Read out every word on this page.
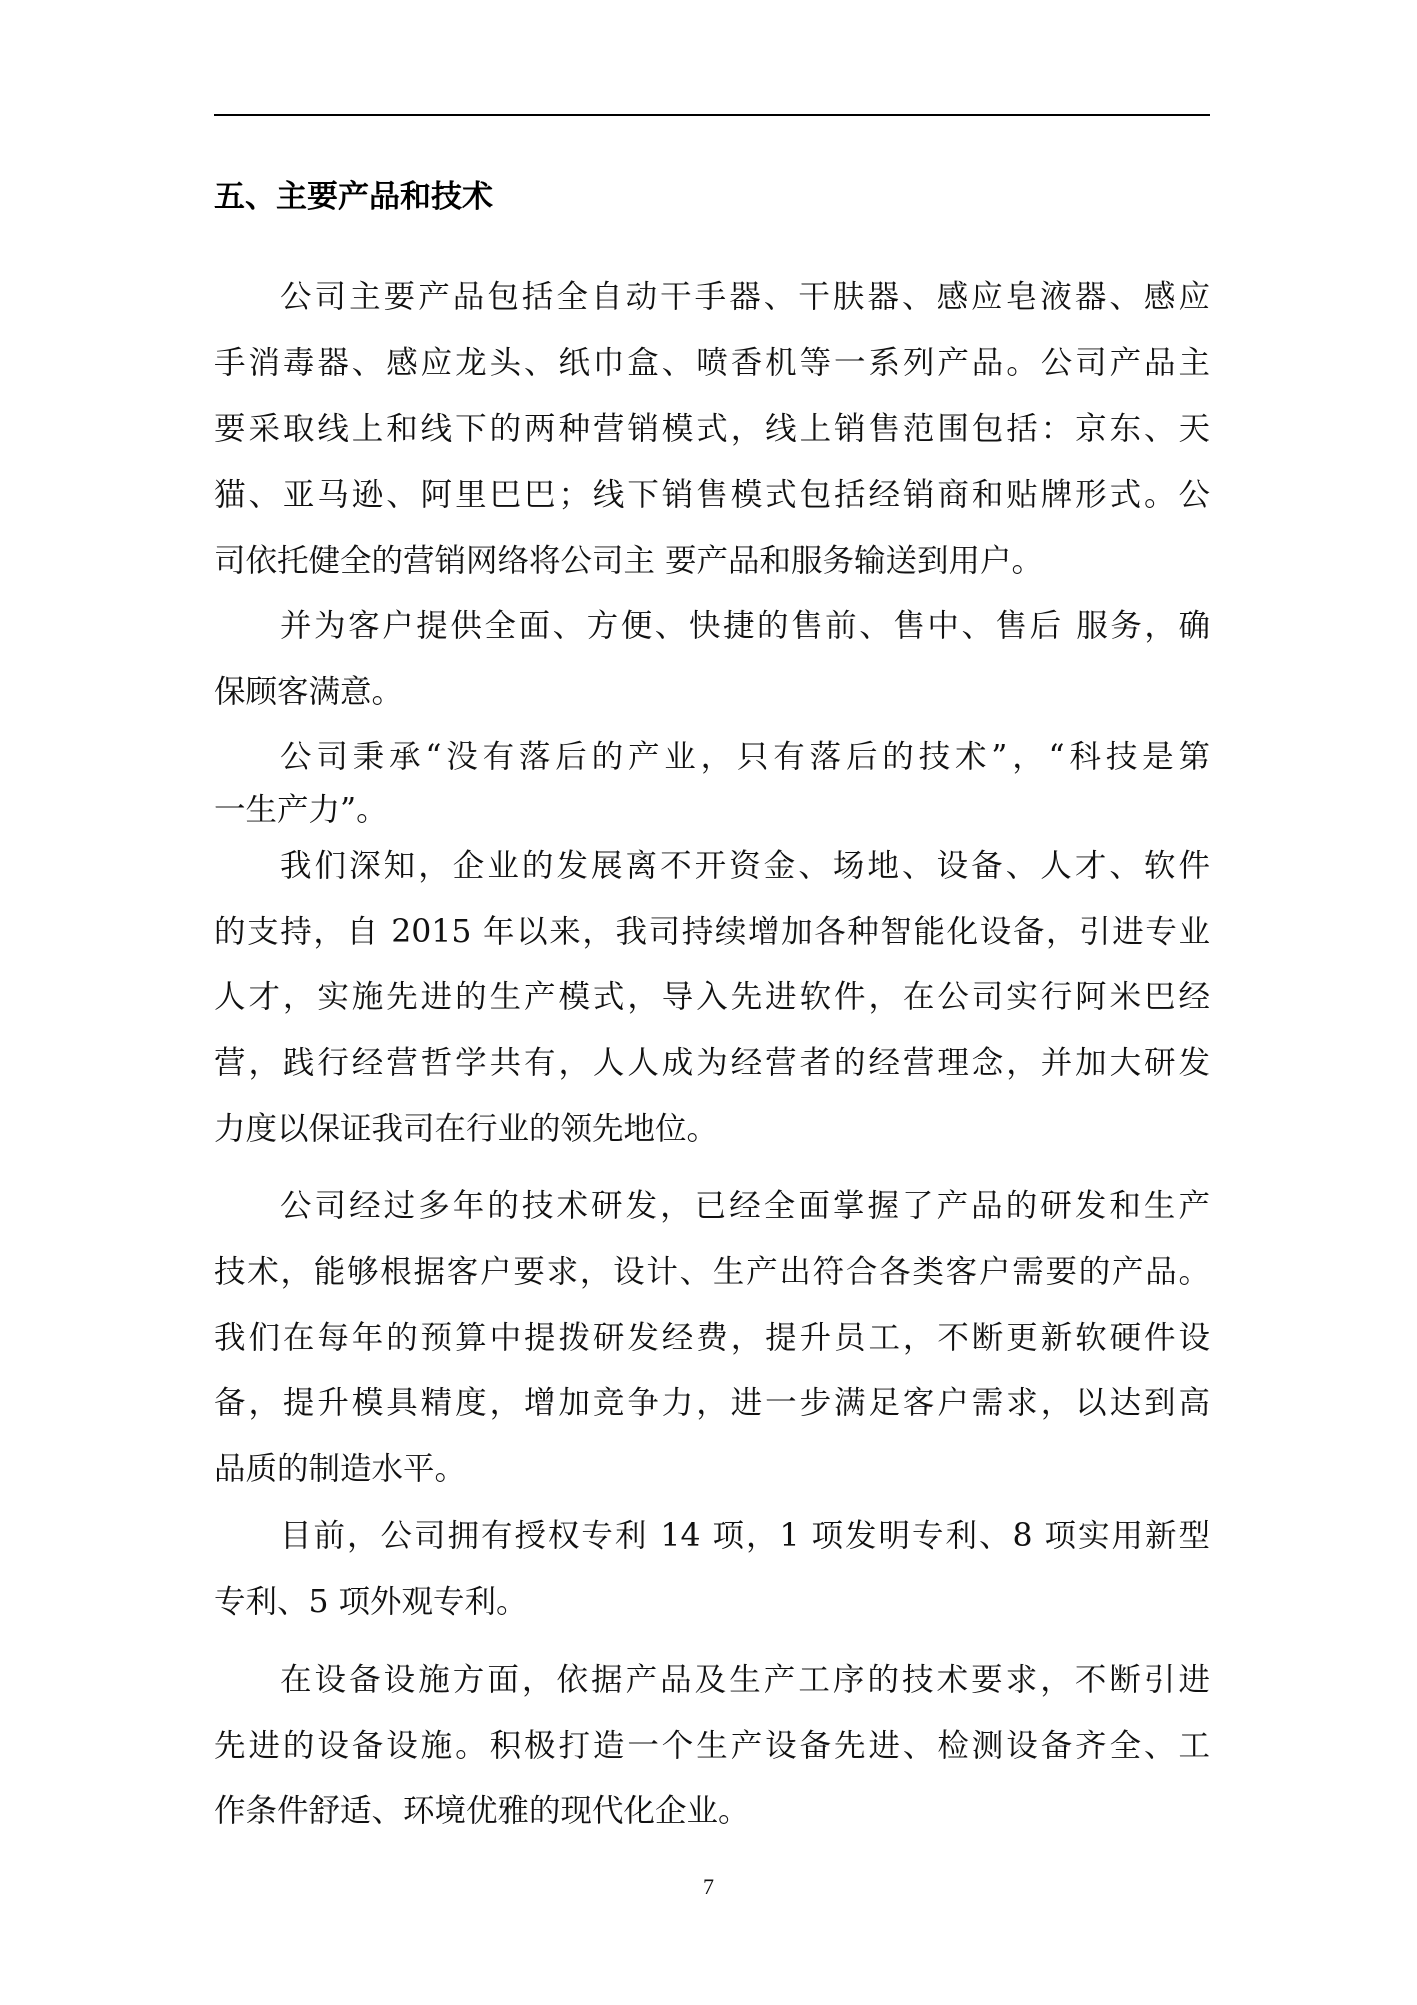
五、主要产品和技术
公司主要产品包括全自动干手器、干肤器、感应皂液器、感应
手消毒器、感应龙头、纸巾盒、喷香机等一系列产品。公司产品主
要采取线上和线下的两种营销模式，线上销售范围包括：京东、天
猫、亚马逊、阿里巴巴；线下销售模式包括经销商和贴牌形式。公
司依托健全的营销网络将公司主 要产品和服务输送到用户。
并为客户提供全面、方便、快捷的售前、售中、售后 服务，确
保顾客满意。
公司秉承“没有落后的产业，只有落后的技术”，“科技是第
一生产力”。
我们深知，企业的发展离不开资金、场地、设备、人才、软件
的支持，自 2015 年以来，我司持续增加各种智能化设备，引进专业
人才，实施先进的生产模式，导入先进软件，在公司实行阿米巴经
营，践行经营哲学共有，人人成为经营者的经营理念，并加大研发
力度以保证我司在行业的领先地位。
公司经过多年的技术研发，已经全面掌握了产品的研发和生产
技术，能够根据客户要求，设计、生产出符合各类客户需要的产品。
我们在每年的预算中提拨研发经费，提升员工，不断更新软硬件设
备，提升模具精度，增加竞争力，进一步满足客户需求，以达到高
品质的制造水平。
目前，公司拥有授权专利 14 项，1 项发明专利、8 项实用新型
专利、5 项外观专利。
在设备设施方面，依据产品及生产工序的技术要求，不断引进
先进的设备设施。积极打造一个生产设备先进、检测设备齐全、工
作条件舒适、环境优雅的现代化企业。
7
